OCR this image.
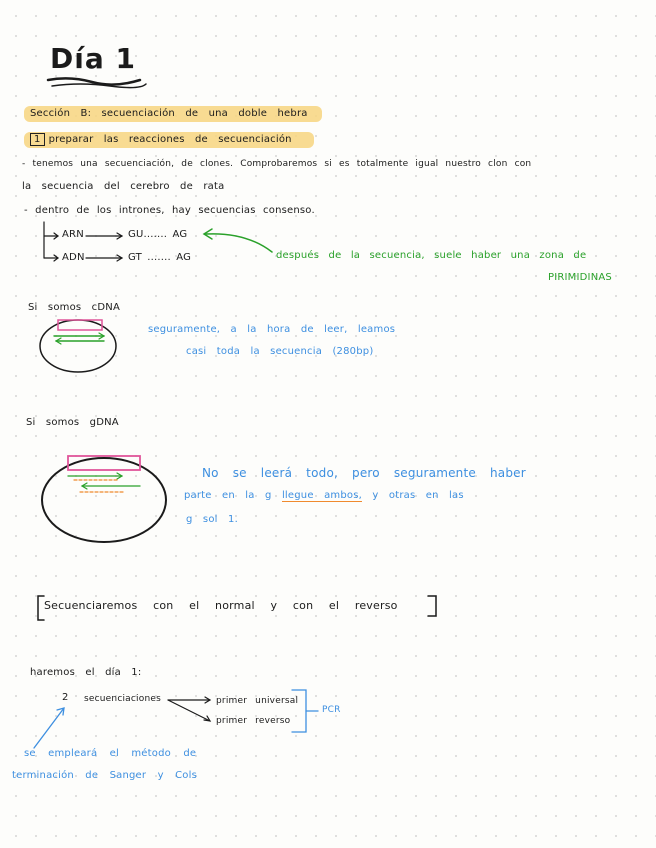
Día 1
Sección B: secuenciación de una doble hebra
1 preparar las reacciones de secuenciación
- tenemos una secuenciación, de clones. Comprobaremos si es totalmente igual nuestro clon con
la secuencia del cerebro de rata
- dentro de los intrones, hay secuencias consenso.
ARN	GU....... AG
ADN	GT ....... AG	después de la secuencia, suele haber una zona de
PIRIMIDINAS
Si somos cDNA
seguramente, a la hora de leer, leamos
casi toda la secuencia (280bp)
Si somos gDNA
No se leerá todo, pero seguramente haber
parte en la g llegue ambos, y otras en las
g sol 1.
Secuenciaremos con el normal y con el reverso
haremos el día 1:
2 secuenciaciones	primer universal
primer reverso
PCR
se empleará el método de
terminación de Sanger y Cols
